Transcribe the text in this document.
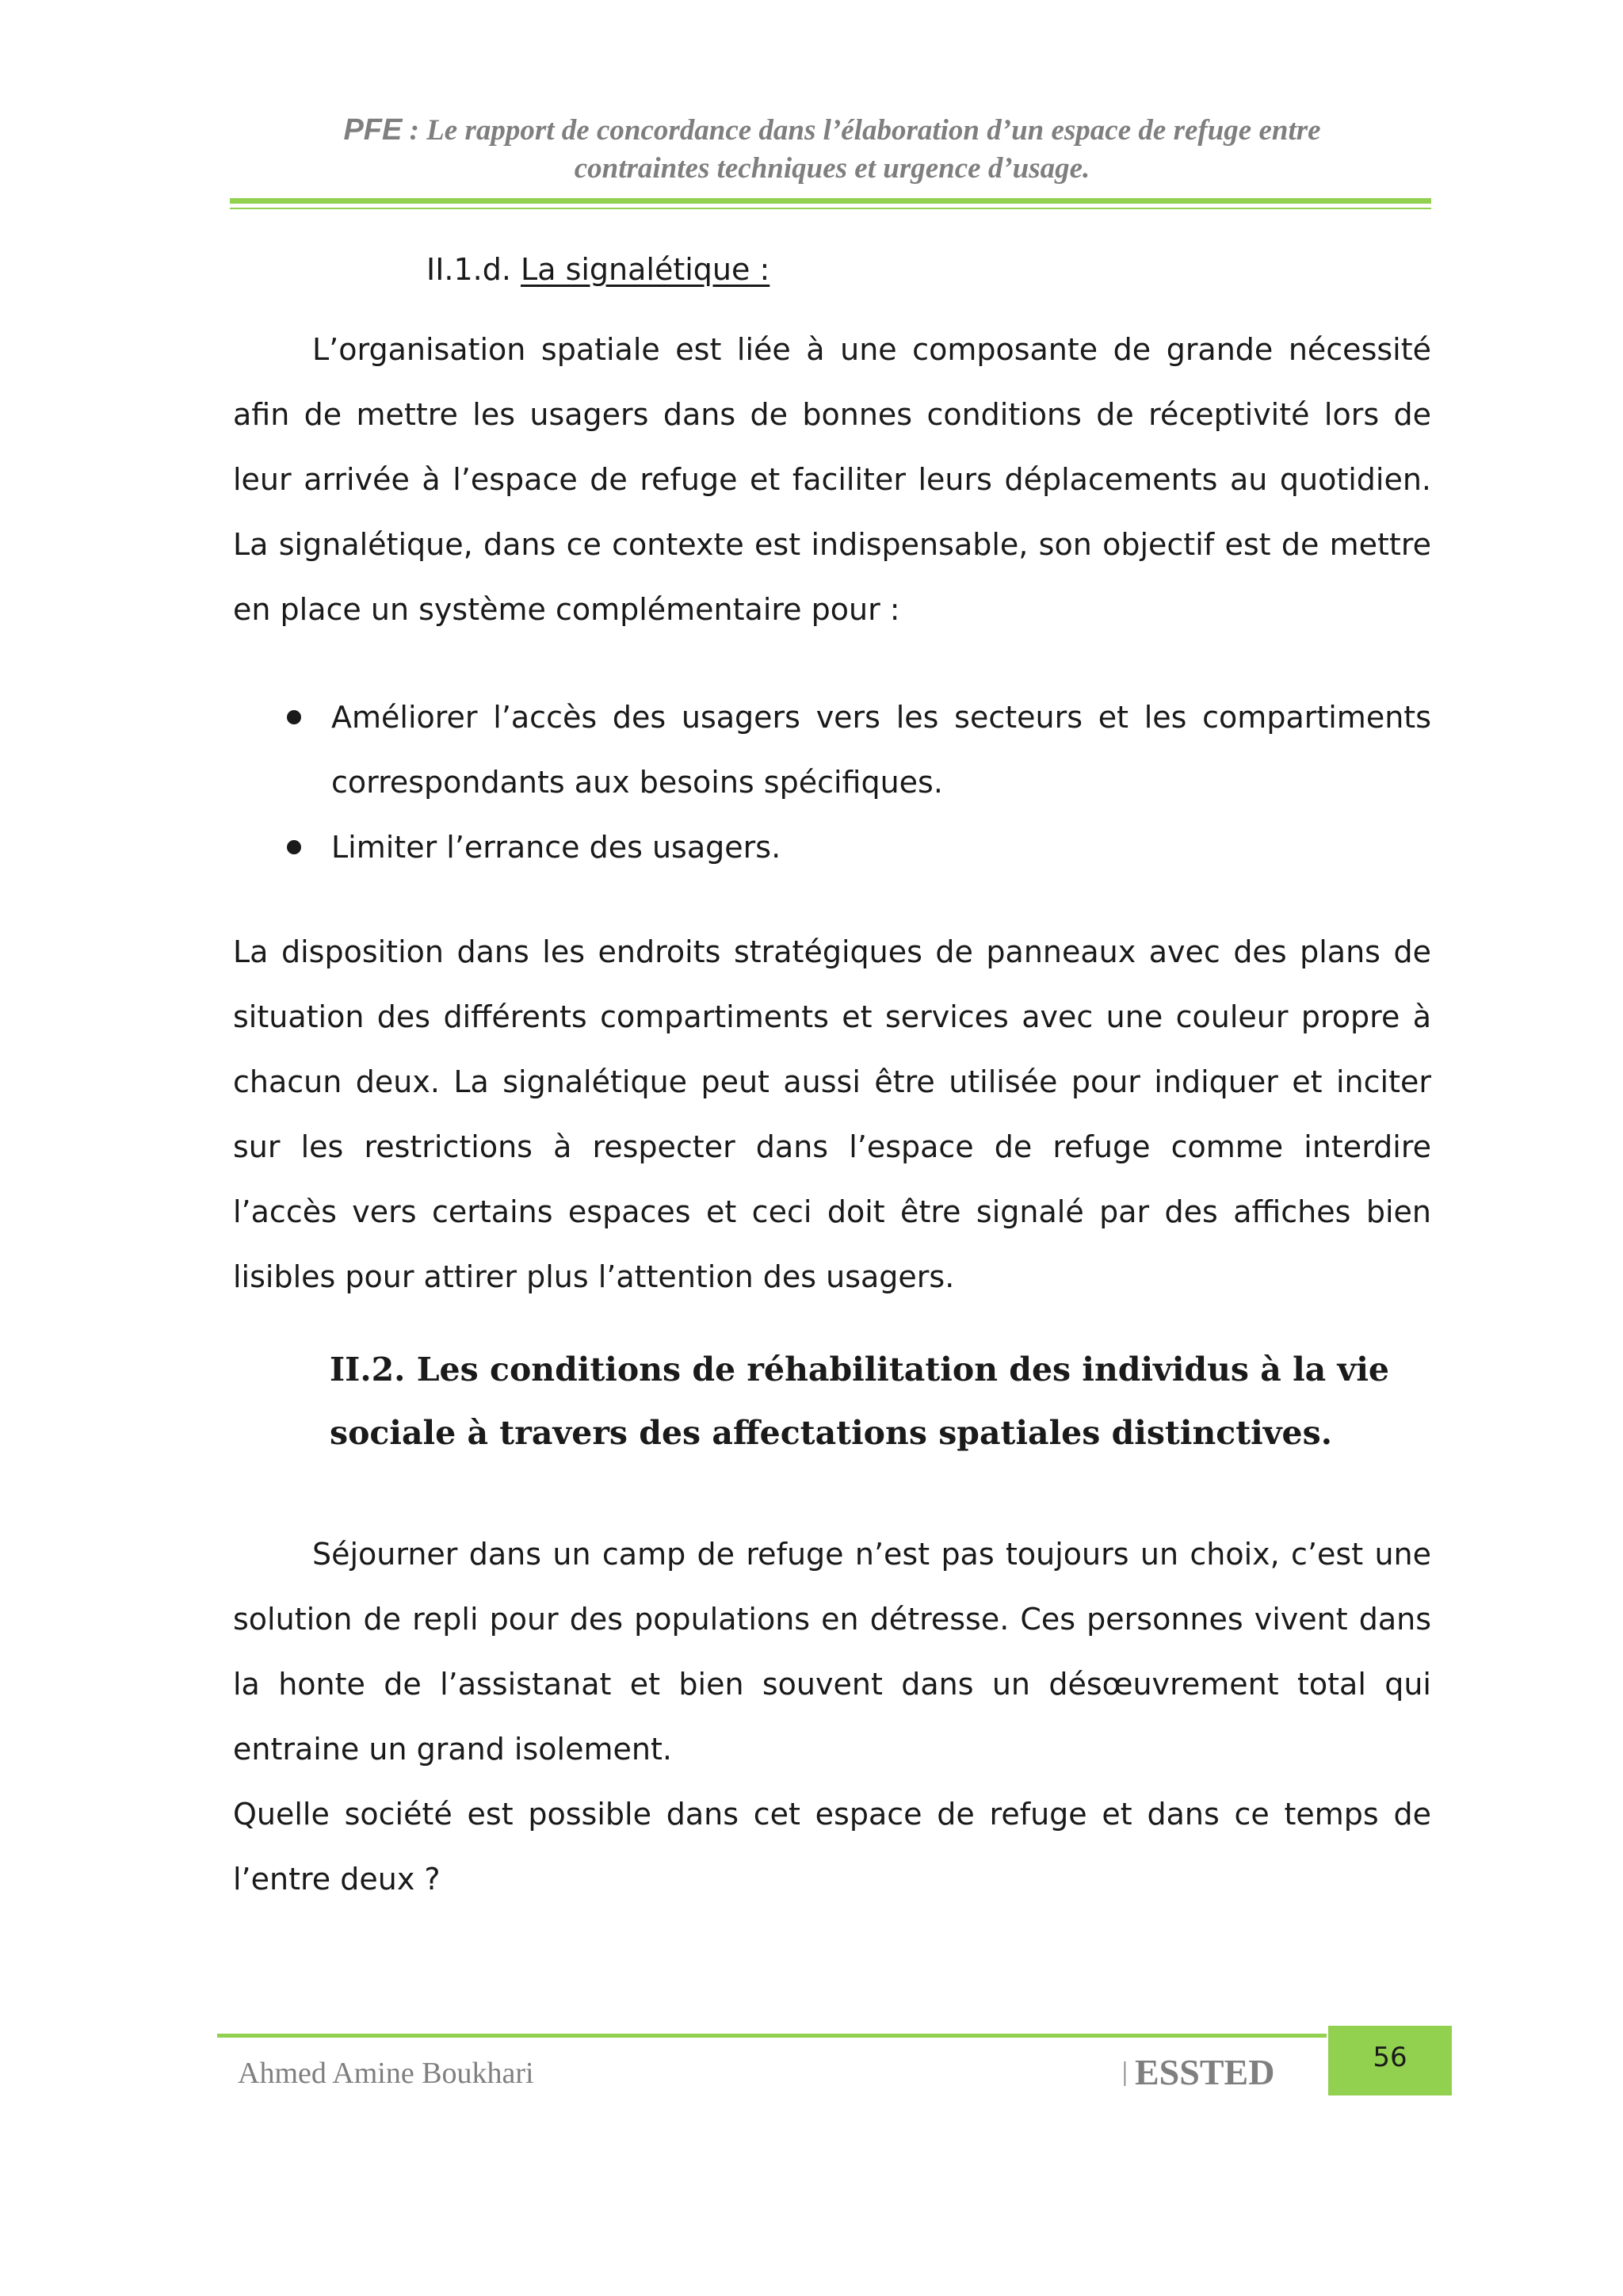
PFE : Le rapport de concordance dans l’élaboration d’un espace de refuge entre
contraintes techniques et urgence d’usage.
II.1.d. La signalétique :
L’organisation spatiale est liée à une composante de grande nécessité afin de mettre les usagers dans de bonnes conditions de réceptivité lors de leur arrivée à l’espace de refuge et faciliter leurs déplacements au quotidien. La signalétique, dans ce contexte est indispensable, son objectif est de mettre en place un système complémentaire pour :
Améliorer l’accès des usagers vers les secteurs et les compartiments correspondants aux besoins spécifiques.
Limiter l’errance des usagers.
La disposition dans les endroits stratégiques de panneaux avec des plans de situation des différents compartiments et services avec une couleur propre à chacun deux. La signalétique peut aussi être utilisée pour indiquer et inciter sur les restrictions à respecter dans l’espace de refuge comme interdire l’accès vers certains espaces et ceci doit être signalé par des affiches bien lisibles pour attirer plus l’attention des usagers.
II.2. Les conditions de réhabilitation des individus à la vie sociale à travers des affectations spatiales distinctives.
Séjourner dans un camp de refuge n’est pas toujours un choix, c’est une solution de repli pour des populations en détresse. Ces personnes vivent dans la honte de l’assistanat et bien souvent dans un désœuvrement total qui entraine un grand isolement.
Quelle société est possible dans cet espace de refuge et dans ce temps de l’entre deux ?
Ahmed Amine Boukhari	| ESSTED	56
